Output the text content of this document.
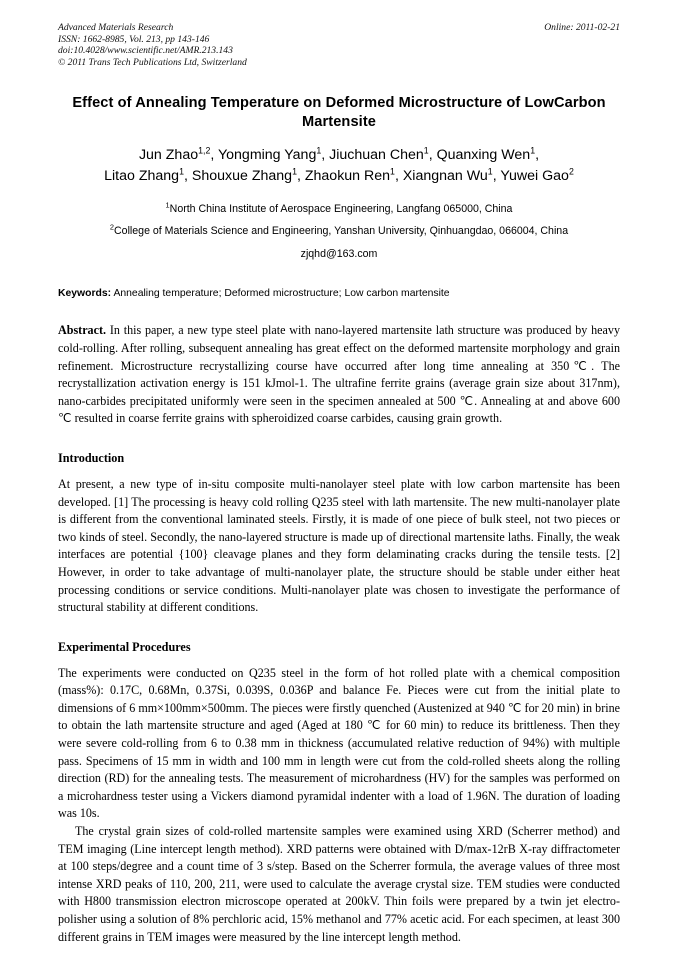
Online: 2011-02-21
Advanced Materials Research
ISSN: 1662-8985, Vol. 213, pp 143-146
doi:10.4028/www.scientific.net/AMR.213.143
© 2011 Trans Tech Publications Ltd, Switzerland
Effect of Annealing Temperature on Deformed Microstructure of LowCarbon Martensite
Jun Zhao$^{1,2}$, Yongming Yang$^1$, Jiuchuan Chen$^1$, Quanxing Wen$^1$,
Litao Zhang$^1$, Shouxue Zhang$^1$, Zhaokun Ren$^1$, Xiangnan Wu$^1$, Yuwei Gao$^2$
$^1$North China Institute of Aerospace Engineering, Langfang 065000, China
$^2$College of Materials Science and Engineering, Yanshan University, Qinhuangdao, 066004, China
zjqhd@163.com
Keywords: Annealing temperature; Deformed microstructure; Low carbon martensite
Abstract. In this paper, a new type steel plate with nano-layered martensite lath structure was produced by heavy cold-rolling. After rolling, subsequent annealing has great effect on the deformed martensite morphology and grain refinement. Microstructure recrystallizing course have occurred after long time annealing at 350℃. The recrystallization activation energy is 151 kJmol-1. The ultrafine ferrite grains (average grain size about 317nm), nano-carbides precipitated uniformly were seen in the specimen annealed at 500 ℃. Annealing at and above 600 ℃ resulted in coarse ferrite grains with spheroidized coarse carbides, causing grain growth.
Introduction
At present, a new type of in-situ composite multi-nanolayer steel plate with low carbon martensite has been developed. [1] The processing is heavy cold rolling Q235 steel with lath martensite. The new multi-nanolayer plate is different from the conventional laminated steels. Firstly, it is made of one piece of bulk steel, not two pieces or two kinds of steel. Secondly, the nano-layered structure is made up of directional martensite laths. Finally, the weak interfaces are potential {100} cleavage planes and they form delaminating cracks during the tensile tests. [2] However, in order to take advantage of multi-nanolayer plate, the structure should be stable under either heat processing conditions or service conditions. Multi-nanolayer plate was chosen to investigate the performance of structural stability at different conditions.
Experimental Procedures
The experiments were conducted on Q235 steel in the form of hot rolled plate with a chemical composition (mass%): 0.17C, 0.68Mn, 0.37Si, 0.039S, 0.036P and balance Fe. Pieces were cut from the initial plate to dimensions of 6 mm×100mm×500mm. The pieces were firstly quenched (Austenized at 940 ℃ for 20 min) in brine to obtain the lath martensite structure and aged (Aged at 180 ℃ for 60 min) to reduce its brittleness. Then they were severe cold-rolling from 6 to 0.38 mm in thickness (accumulated relative reduction of 94%) with multiple pass. Specimens of 15 mm in width and 100 mm in length were cut from the cold-rolled sheets along the rolling direction (RD) for the annealing tests. The measurement of microhardness (HV) for the samples was performed on a microhardness tester using a Vickers diamond pyramidal indenter with a load of 1.96N. The duration of loading was 10s.
The crystal grain sizes of cold-rolled martensite samples were examined using XRD (Scherrer method) and TEM imaging (Line intercept length method). XRD patterns were obtained with D/max-12rB X-ray diffractometer at 100 steps/degree and a count time of 3 s/step. Based on the Scherrer formula, the average values of three most intense XRD peaks of 110, 200, 211, were used to calculate the average crystal size. TEM studies were conducted with H800 transmission electron microscope operated at 200kV. Thin foils were prepared by a twin jet electro-polisher using a solution of 8% perchloric acid, 15% methanol and 77% acetic acid. For each specimen, at least 300 different grains in TEM images were measured by the line intercept length method.
